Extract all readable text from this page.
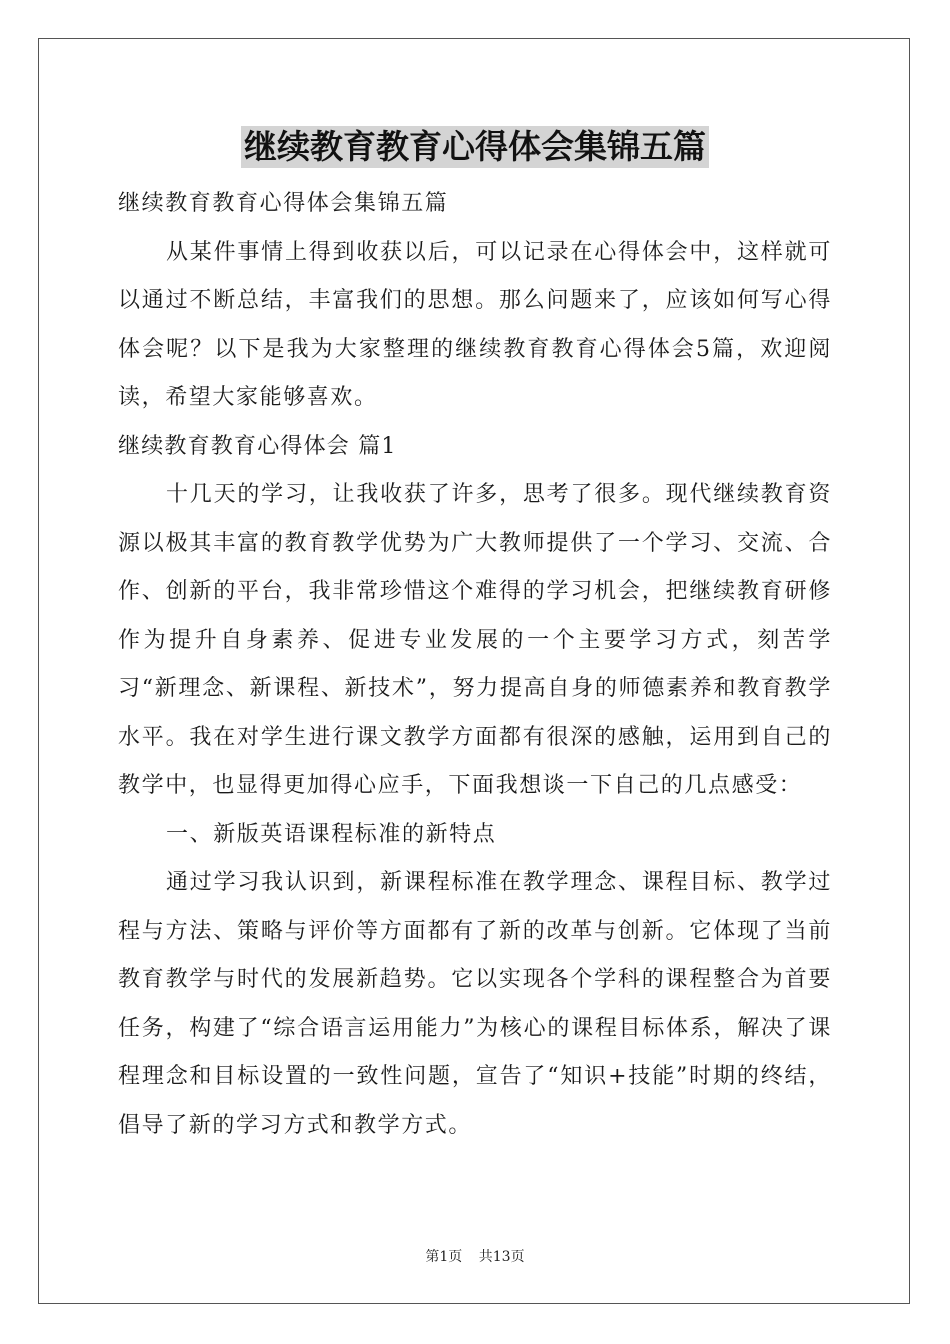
继续教育教育心得体会集锦五篇

继续教育教育心得体会集锦五篇

从某件事情上得到收获以后，可以记录在心得体会中，这样就可以通过不断总结，丰富我们的思想。那么问题来了，应该如何写心得体会呢？以下是我为大家整理的继续教育教育心得体会5篇，欢迎阅读，希望大家能够喜欢。

继续教育教育心得体会 篇1

十几天的学习，让我收获了许多，思考了很多。现代继续教育资源以极其丰富的教育教学优势为广大教师提供了一个学习、交流、合作、创新的平台，我非常珍惜这个难得的学习机会，把继续教育研修作为提升自身素养、促进专业发展的一个主要学习方式，刻苦学习“新理念、新课程、新技术”，努力提高自身的师德素养和教育教学水平。我在对学生进行课文教学方面都有很深的感触，运用到自己的教学中，也显得更加得心应手，下面我想谈一下自己的几点感受：

一、新版英语课程标准的新特点

通过学习我认识到，新课程标准在教学理念、课程目标、教学过程与方法、策略与评价等方面都有了新的改革与创新。它体现了当前教育教学与时代的发展新趋势。它以实现各个学科的课程整合为首要任务，构建了“综合语言运用能力”为核心的课程目标体系，解决了课程理念和目标设置的一致性问题，宣告了“知识+技能”时期的终结，倡导了新的学习方式和教学方式。

第1页 共13页
